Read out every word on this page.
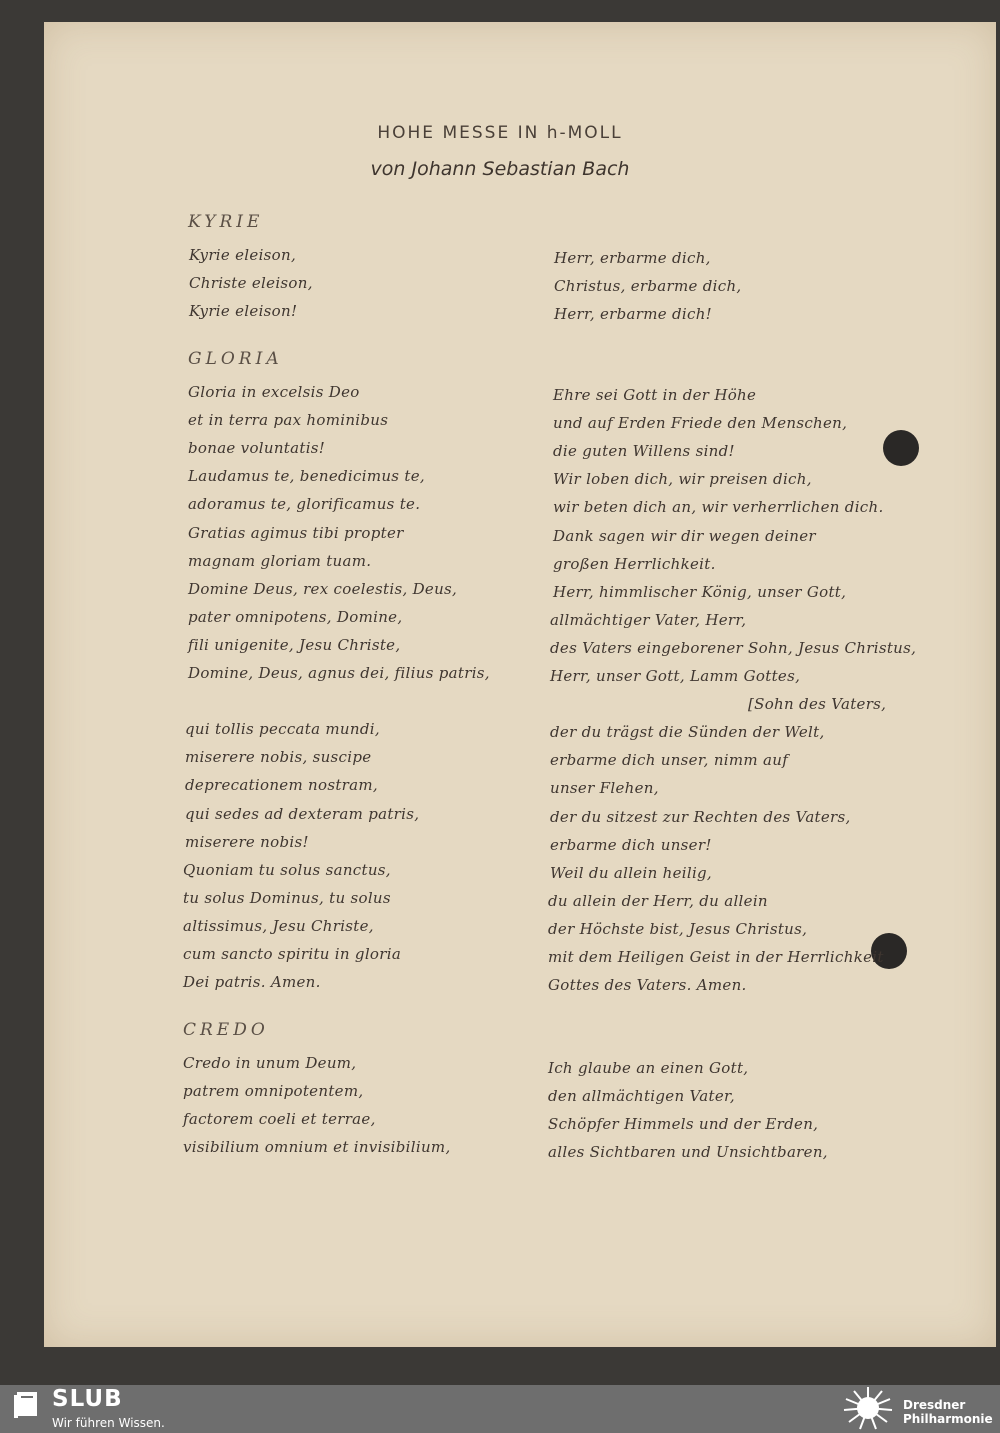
HOHE MESSE IN h-MOLL
von Johann Sebastian Bach
KYRIE
Kyrie eleison,
Christe eleison,
Kyrie eleison!
Herr, erbarme dich,
Christus, erbarme dich,
Herr, erbarme dich!
GLORIA
Gloria in excelsis Deo
et in terra pax hominibus
bonae voluntatis!
Laudamus te, benedicimus te,
adoramus te, glorificamus te.
Gratias agimus tibi propter
magnam gloriam tuam.
Domine Deus, rex coelestis, Deus,
pater omnipotens, Domine,
fili unigenite, Jesu Christe,
Domine, Deus, agnus dei, filius patris,
qui tollis peccata mundi,
miserere nobis, suscipe
deprecationem nostram,
qui sedes ad dexteram patris,
miserere nobis!
Quoniam tu solus sanctus,
tu solus Dominus, tu solus
altissimus, Jesu Christe,
cum sancto spiritu in gloria
Dei patris. Amen.
Ehre sei Gott in der Höhe
und auf Erden Friede den Menschen,
die guten Willens sind!
Wir loben dich, wir preisen dich,
wir beten dich an, wir verherrlichen dich.
Dank sagen wir dir wegen deiner
großen Herrlichkeit.
Herr, himmlischer König, unser Gott,
allmächtiger Vater, Herr,
des Vaters eingeborener Sohn, Jesus Christus,
Herr, unser Gott, Lamm Gottes,
[Sohn des Vaters,
der du trägst die Sünden der Welt,
erbarme dich unser, nimm auf
unser Flehen,
der du sitzest zur Rechten des Vaters,
erbarme dich unser!
Weil du allein heilig,
du allein der Herr, du allein
der Höchste bist, Jesus Christus,
mit dem Heiligen Geist in der Herrlichkeit
Gottes des Vaters. Amen.
CREDO
Credo in unum Deum,
patrem omnipotentem,
factorem coeli et terrae,
visibilium omnium et invisibilium,
Ich glaube an einen Gott,
den allmächtigen Vater,
Schöpfer Himmels und der Erden,
alles Sichtbaren und Unsichtbaren,
SLUB
Wir führen Wissen.
Dresdner
Philharmonie
